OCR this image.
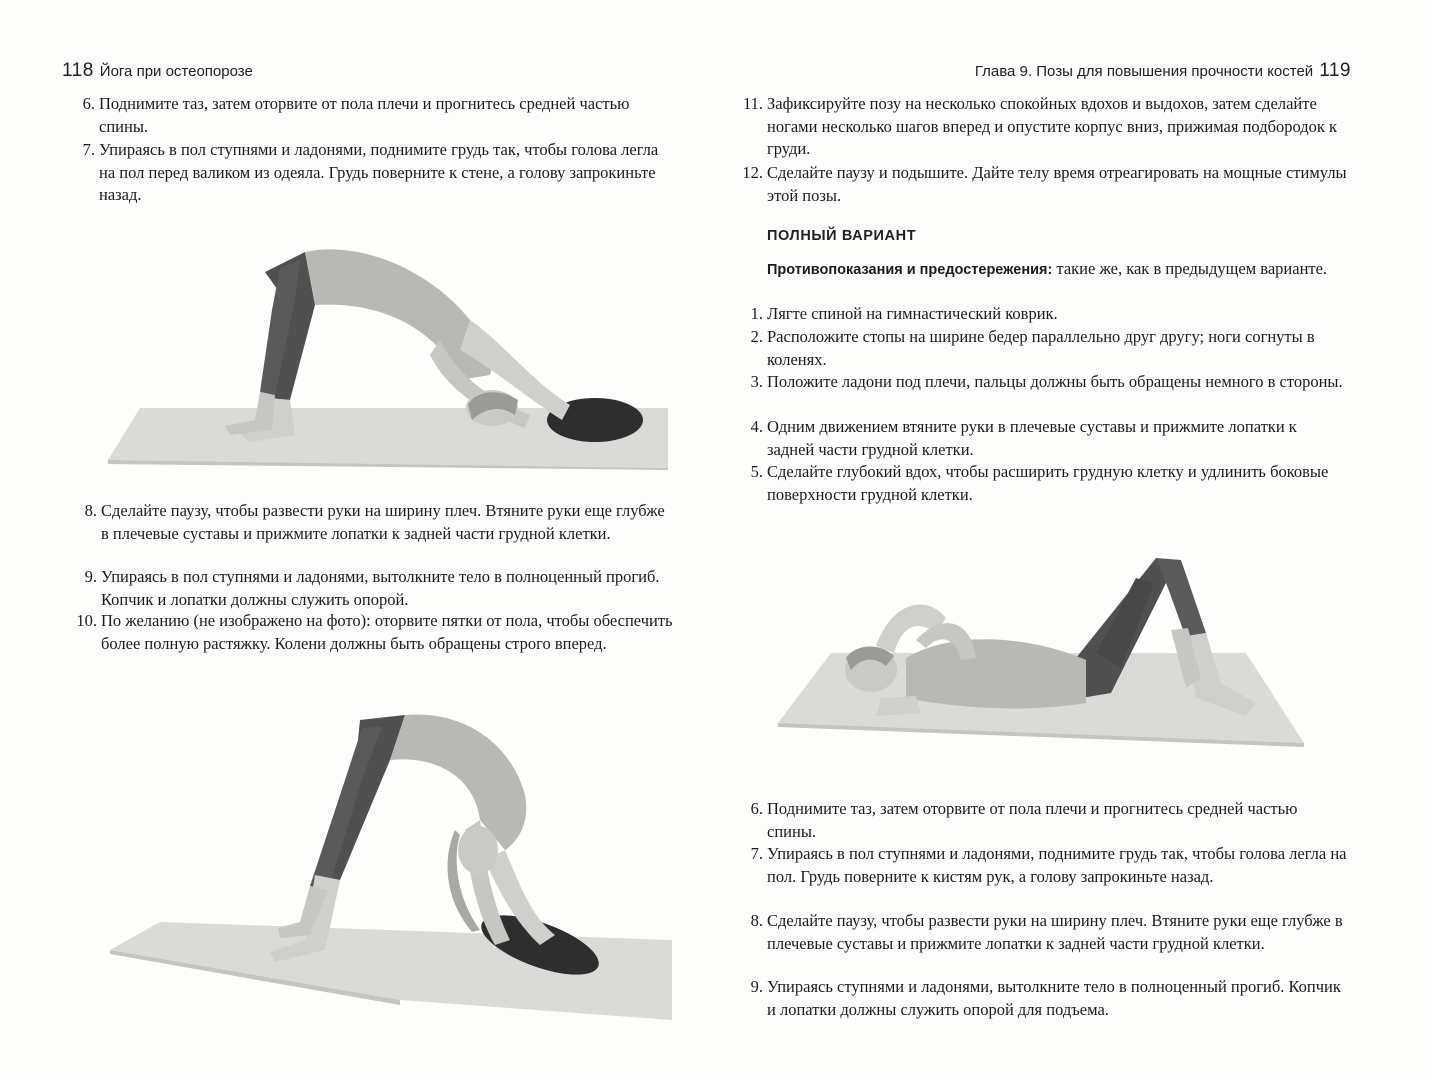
118 Йога при остеопорозе
6. Поднимите таз, затем оторвите от пола плечи и прогнитесь средней частью спины.
7. Упираясь в пол ступнями и ладонями, поднимите грудь так, чтобы голова легла на пол перед валиком из одеяла. Грудь поверните к стене, а голову запрокиньте назад.
8. Сделайте паузу, чтобы развести руки на ширину плеч. Втяните руки еще глубже в плечевые суставы и прижмите лопатки к задней части грудной клетки.
9. Упираясь в пол ступнями и ладонями, вытолкните тело в полноценный прогиб. Копчик и лопатки должны служить опорой.
10. По желанию (не изображено на фото): оторвите пятки от пола, чтобы обеспечить более полную растяжку. Колени должны быть обращены строго вперед.
Глава 9. Позы для повышения прочности костей 119
11. Зафиксируйте позу на несколько спокойных вдохов и выдохов, затем сделайте ногами несколько шагов вперед и опустите корпус вниз, прижимая подбородок к груди.
12. Сделайте паузу и подышите. Дайте телу время отреагировать на мощные стимулы этой позы.
ПОЛНЫЙ ВАРИАНТ
Противопоказания и предостережения: такие же, как в предыдущем варианте.
1. Лягте спиной на гимнастический коврик.
2. Расположите стопы на ширине бедер параллельно друг другу; ноги согнуты в коленях.
3. Положите ладони под плечи, пальцы должны быть обращены немного в стороны.
4. Одним движением втяните руки в плечевые суставы и прижмите лопатки к задней части грудной клетки.
5. Сделайте глубокий вдох, чтобы расширить грудную клетку и удлинить боковые поверхности грудной клетки.
6. Поднимите таз, затем оторвите от пола плечи и прогнитесь средней частью спины.
7. Упираясь в пол ступнями и ладонями, поднимите грудь так, чтобы голова легла на пол. Грудь поверните к кистям рук, а голову запрокиньте назад.
8. Сделайте паузу, чтобы развести руки на ширину плеч. Втяните руки еще глубже в плечевые суставы и прижмите лопатки к задней части грудной клетки.
9. Упираясь ступнями и ладонями, вытолкните тело в полноценный прогиб. Копчик и лопатки должны служить опорой для подъема.
